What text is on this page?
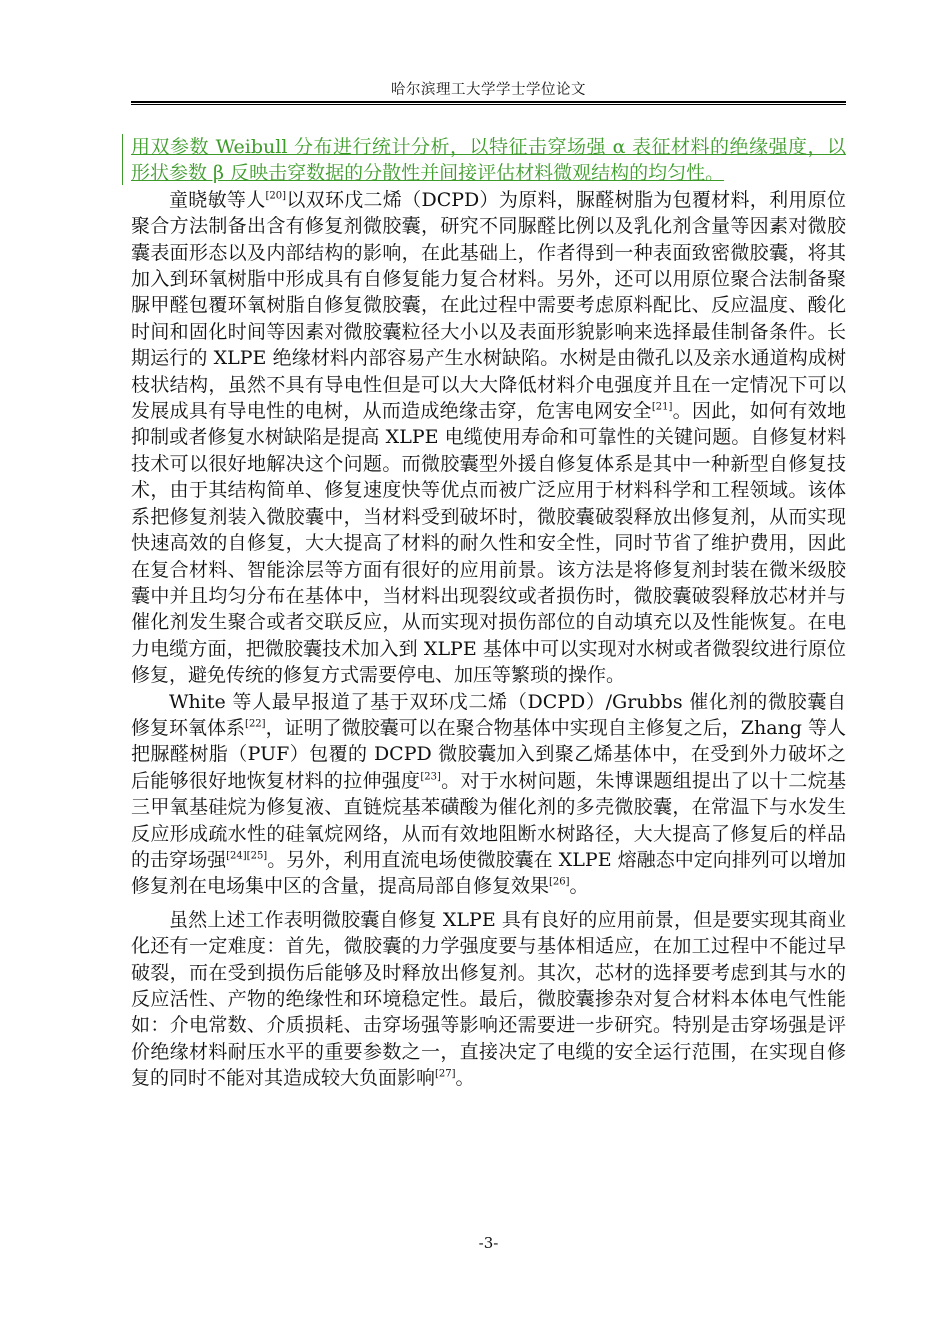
哈尔滨理工大学学士学位论文

用双参数 Weibull 分布进行统计分析，以特征击穿场强 α 表征材料的绝缘强度，以形状参数 β 反映击穿数据的分散性并间接评估材料微观结构的均匀性。

童晓敏等人[20]以双环戊二烯（DCPD）为原料，脲醛树脂为包覆材料，利用原位聚合方法制备出含有修复剂微胶囊，研究不同脲醛比例以及乳化剂含量等因素对微胶囊表面形态以及内部结构的影响，在此基础上，作者得到一种表面致密微胶囊，将其加入到环氧树脂中形成具有自修复能力复合材料。另外，还可以用原位聚合法制备聚脲甲醛包覆环氧树脂自修复微胶囊，在此过程中需要考虑原料配比、反应温度、酸化时间和固化时间等因素对微胶囊粒径大小以及表面形貌影响来选择最佳制备条件。长期运行的 XLPE 绝缘材料内部容易产生水树缺陷。水树是由微孔以及亲水通道构成树枝状结构，虽然不具有导电性但是可以大大降低材料介电强度并且在一定情况下可以发展成具有导电性的电树，从而造成绝缘击穿，危害电网安全[21]。因此，如何有效地抑制或者修复水树缺陷是提高 XLPE 电缆使用寿命和可靠性的关键问题。自修复材料技术可以很好地解决这个问题。而微胶囊型外援自修复体系是其中一种新型自修复技术，由于其结构简单、修复速度快等优点而被广泛应用于材料科学和工程领域。该体系把修复剂装入微胶囊中，当材料受到破坏时，微胶囊破裂释放出修复剂，从而实现快速高效的自修复，大大提高了材料的耐久性和安全性，同时节省了维护费用，因此在复合材料、智能涂层等方面有很好的应用前景。该方法是将修复剂封装在微米级胶囊中并且均匀分布在基体中，当材料出现裂纹或者损伤时，微胶囊破裂释放芯材并与催化剂发生聚合或者交联反应，从而实现对损伤部位的自动填充以及性能恢复。在电力电缆方面，把微胶囊技术加入到 XLPE 基体中可以实现对水树或者微裂纹进行原位修复，避免传统的修复方式需要停电、加压等繁琐的操作。

White 等人最早报道了基于双环戊二烯（DCPD）/Grubbs 催化剂的微胶囊自修复环氧体系[22]，证明了微胶囊可以在聚合物基体中实现自主修复之后，Zhang 等人把脲醛树脂（PUF）包覆的 DCPD 微胶囊加入到聚乙烯基体中，在受到外力破坏之后能够很好地恢复材料的拉伸强度[23]。对于水树问题，朱博课题组提出了以十二烷基三甲氧基硅烷为修复液、直链烷基苯磺酸为催化剂的多壳微胶囊，在常温下与水发生反应形成疏水性的硅氧烷网络，从而有效地阻断水树路径，大大提高了修复后的样品的击穿场强[24][25]。另外，利用直流电场使微胶囊在 XLPE 熔融态中定向排列可以增加修复剂在电场集中区的含量，提高局部自修复效果[26]。

虽然上述工作表明微胶囊自修复 XLPE 具有良好的应用前景，但是要实现其商业化还有一定难度：首先，微胶囊的力学强度要与基体相适应，在加工过程中不能过早破裂，而在受到损伤后能够及时释放出修复剂。其次，芯材的选择要考虑到其与水的反应活性、产物的绝缘性和环境稳定性。最后，微胶囊掺杂对复合材料本体电气性能如：介电常数、介质损耗、击穿场强等影响还需要进一步研究。特别是击穿场强是评价绝缘材料耐压水平的重要参数之一，直接决定了电缆的安全运行范围，在实现自修复的同时不能对其造成较大负面影响[27]。

-3-
